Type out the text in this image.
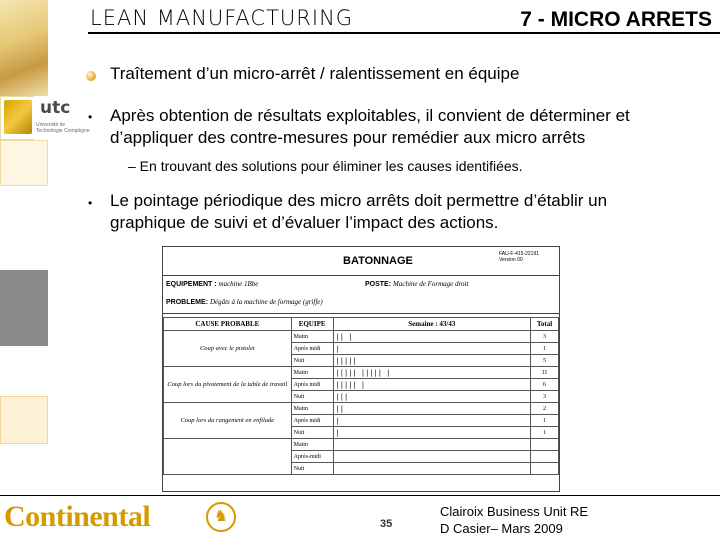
utc
Université de Technologie Compiègne
LEAN MANUFACTURING	7 - MICRO ARRETS
Traîtement d’un micro-arrêt / ralentissement en équipe
• Après obtention de résultats exploitables, il convient de déterminer et d’appliquer des contre-mesures pour remédier aux micro arrêts
– En trouvant des solutions pour éliminer les causes identifiées.
• Le pointage périodique des micro arrêts doit permettre d’établir un graphique de suivi et d’évaluer l’impact des actions.
BATONNAGE
FAU-F-415-22191 Version 00
EQUIPEMENT : machine 1Bbe	POSTE: Machine de Formage droit
PROBLEME: Dégâts à la machine de formage (griffe)
CAUSE PROBABLE	EQUIPE	Semaine : 43/43	Total
Coup avec le pistolet	Matin	|| |	3
	Après midi	|	1
	Nuit	|||||	5
Coup lors du pivotement de la table de travail	Matin	||||| ||||| |	11
	Après midi	||||| |	6
	Nuit	|||	3
Coup lors du rangement en enfilade	Matin	||	2
	Après midi	|	1
	Nuit	|	1
	Matin		
	Après-midi		
	Nuit		
Continental	♞	35
Clairoix Business Unit RE
D Casier– Mars 2009
